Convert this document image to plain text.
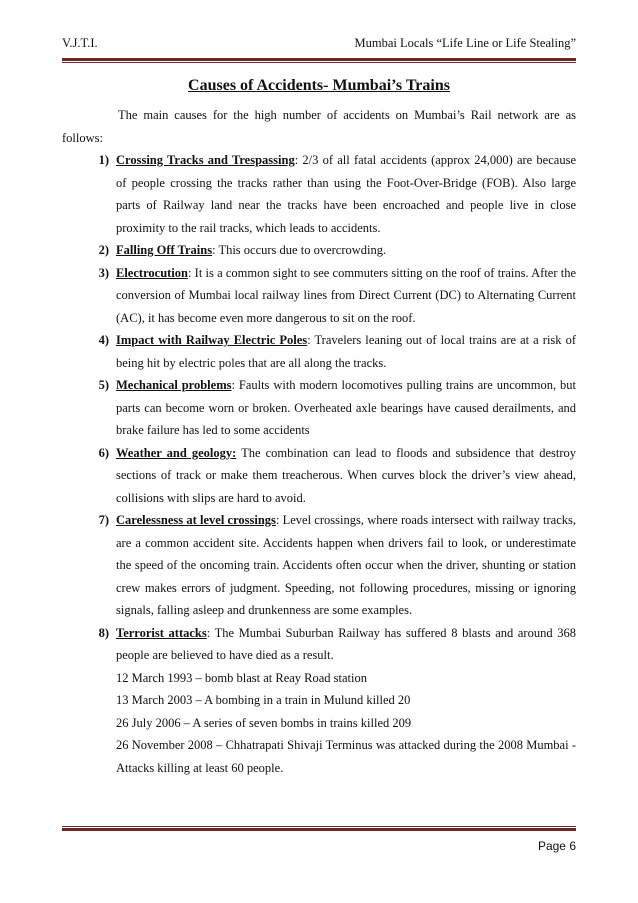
V.J.T.I.	Mumbai Locals “Life Line or Life Stealing”
Causes of Accidents- Mumbai’s Trains

The main causes for the high number of accidents on Mumbai’s Rail network are as follows:

1) Crossing Tracks and Trespassing: 2/3 of all fatal accidents (approx 24,000) are because of people crossing the tracks rather than using the Foot-Over-Bridge (FOB). Also large parts of Railway land near the tracks have been encroached and people live in close proximity to the rail tracks, which leads to accidents.
2) Falling Off Trains: This occurs due to overcrowding.
3) Electrocution: It is a common sight to see commuters sitting on the roof of trains. After the conversion of Mumbai local railway lines from Direct Current (DC) to Alternating Current (AC), it has become even more dangerous to sit on the roof.
4) Impact with Railway Electric Poles: Travelers leaning out of local trains are at a risk of being hit by electric poles that are all along the tracks.
5) Mechanical problems: Faults with modern locomotives pulling trains are uncommon, but parts can become worn or broken. Overheated axle bearings have caused derailments, and brake failure has led to some accidents
6) Weather and geology: The combination can lead to floods and subsidence that destroy sections of track or make them treacherous. When curves block the driver’s view ahead, collisions with slips are hard to avoid.
7) Carelessness at level crossings: Level crossings, where roads intersect with railway tracks, are a common accident site. Accidents happen when drivers fail to look, or underestimate the speed of the oncoming train. Accidents often occur when the driver, shunting or station crew makes errors of judgment. Speeding, not following procedures, missing or ignoring signals, falling asleep and drunkenness are some examples.
8) Terrorist attacks: The Mumbai Suburban Railway has suffered 8 blasts and around 368 people are believed to have died as a result.
12 March 1993 – bomb blast at Reay Road station
13 March 2003 – A bombing in a train in Mulund killed 20
26 July 2006 – A series of seven bombs in trains killed 209
26 November 2008 – Chhatrapati Shivaji Terminus was attacked during the 2008 Mumbai -Attacks killing at least 60 people.
Page 6
